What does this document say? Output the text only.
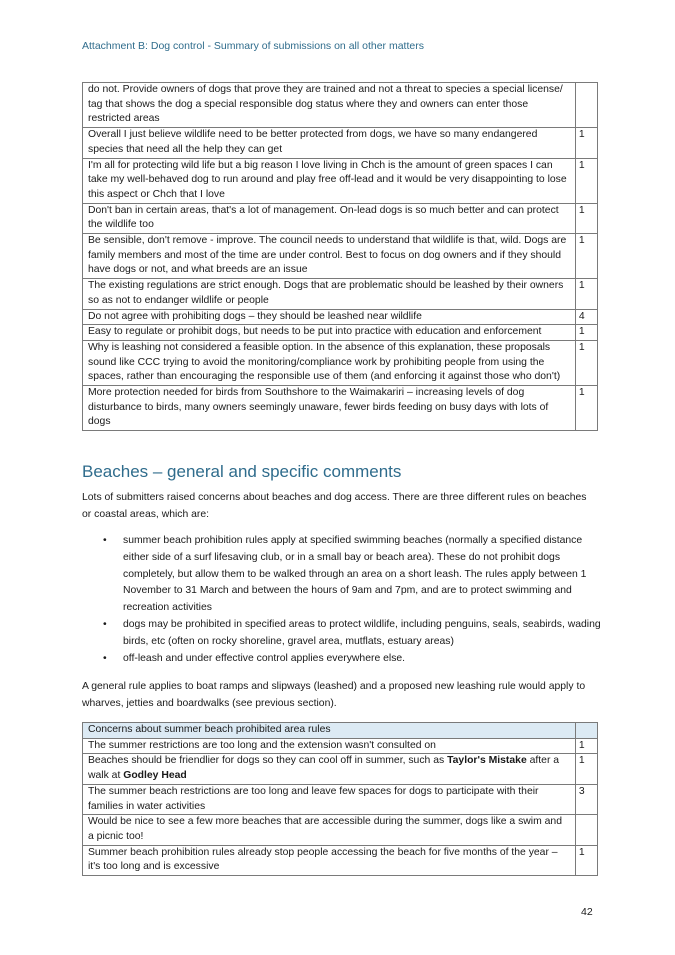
Attachment B: Dog control - Summary of submissions on all other matters
do not. Provide owners of dogs that prove they are trained and not a threat to species a special license/ tag that shows the dog a special responsible dog status where they and owners can enter those restricted areas	
Overall I just believe wildlife need to be better protected from dogs, we have so many endangered species that need all the help they can get	1
I'm all for protecting wild life but a big reason I love living in Chch is the amount of green spaces I can take my well-behaved dog to run around and play free off-lead and it would be very disappointing to lose this aspect or Chch that I love	1
Don't ban in certain areas, that's a lot of management. On-lead dogs is so much better and can protect the wildlife too	1
Be sensible, don't remove - improve. The council needs to understand that wildlife is that, wild. Dogs are family members and most of the time are under control. Best to focus on dog owners and if they should have dogs or not, and what breeds are an issue	1
The existing regulations are strict enough. Dogs that are problematic should be leashed by their owners so as not to endanger wildlife or people	1
Do not agree with prohibiting dogs – they should be leashed near wildlife	4
Easy to regulate or prohibit dogs, but needs to be put into practice with education and enforcement	1
Why is leashing not considered a feasible option. In the absence of this explanation, these proposals sound like CCC trying to avoid the monitoring/compliance work by prohibiting people from using the spaces, rather than encouraging the responsible use of them (and enforcing it against those who don't)	1
More protection needed for birds from Southshore to the Waimakariri – increasing levels of dog disturbance to birds, many owners seemingly unaware, fewer birds feeding on busy days with lots of dogs	1
Beaches – general and specific comments

Lots of submitters raised concerns about beaches and dog access. There are three different rules on beaches or coastal areas, which are:

• summer beach prohibition rules apply at specified swimming beaches (normally a specified distance either side of a surf lifesaving club, or in a small bay or beach area). These do not prohibit dogs completely, but allow them to be walked through an area on a short leash. The rules apply between 1 November to 31 March and between the hours of 9am and 7pm, and are to protect swimming and recreation activities
• dogs may be prohibited in specified areas to protect wildlife, including penguins, seals, seabirds, wading birds, etc (often on rocky shoreline, gravel area, mutflats, estuary areas)
• off-leash and under effective control applies everywhere else.

A general rule applies to boat ramps and slipways (leashed) and a proposed new leashing rule would apply to wharves, jetties and boardwalks (see previous section).

Concerns about summer beach prohibited area rules	
The summer restrictions are too long and the extension wasn't consulted on	1
Beaches should be friendlier for dogs so they can cool off in summer, such as Taylor's Mistake after a walk at Godley Head	1
The summer beach restrictions are too long and leave few spaces for dogs to participate with their families in water activities	3
Would be nice to see a few more beaches that are accessible during the summer, dogs like a swim and a picnic too!	
Summer beach prohibition rules already stop people accessing the beach for five months of the year – it's too long and is excessive	1
42
